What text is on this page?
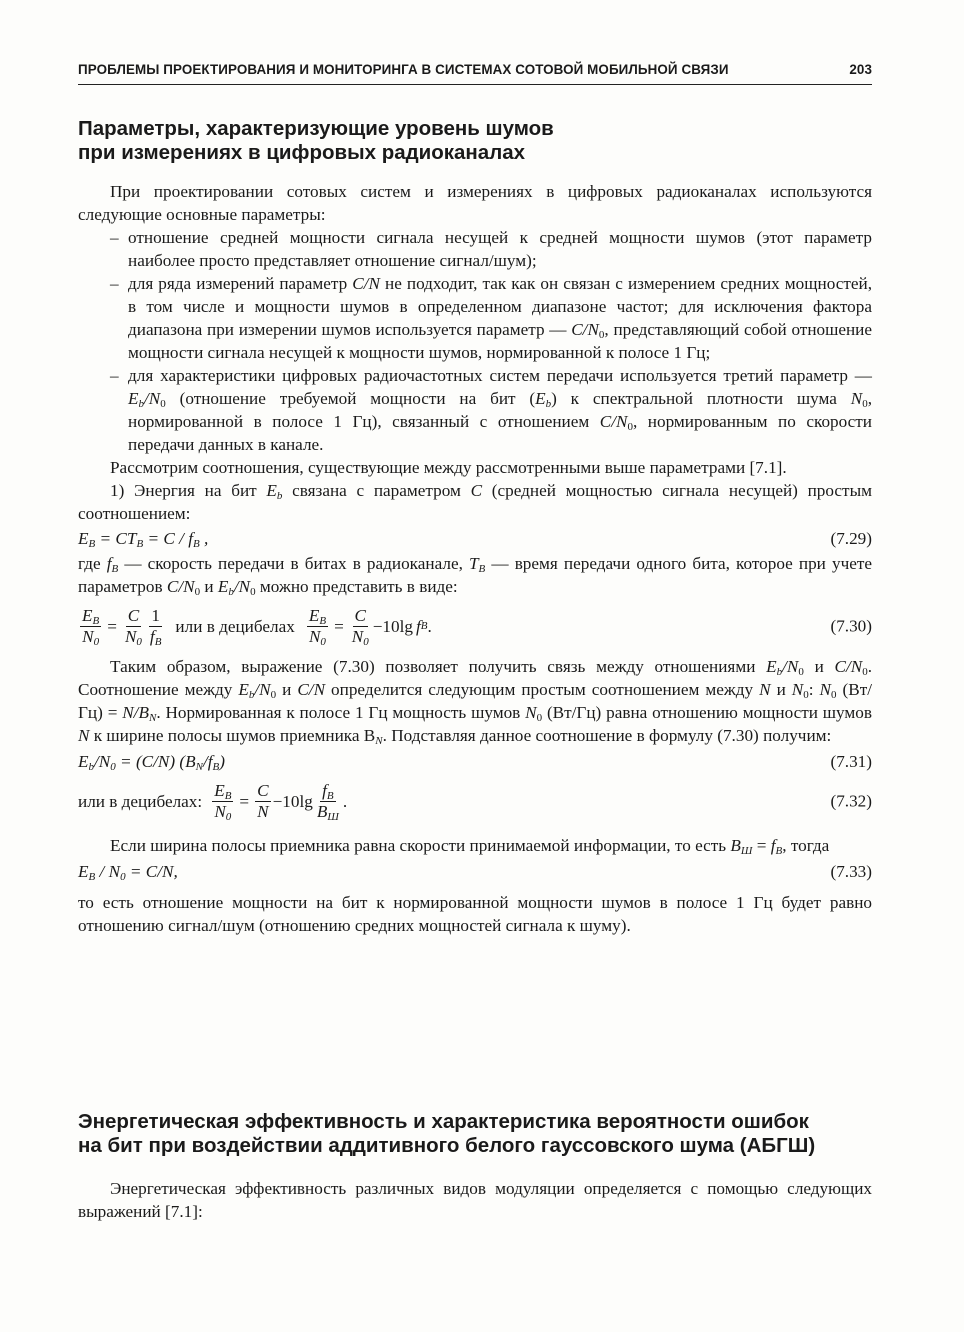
ПРОБЛЕМЫ ПРОЕКТИРОВАНИЯ И МОНИТОРИНГА В СИСТЕМАХ СОТОВОЙ МОБИЛЬНОЙ СВЯЗИ	203
Параметры, характеризующие уровень шумов
при измерениях в цифровых радиоканалах

При проектировании сотовых систем и измерениях в цифровых радиоканалах используются следующие основные параметры:

– отношение средней мощности сигнала несущей к средней мощности шумов (этот параметр наиболее просто представляет отношение сигнал/шум);
– для ряда измерений параметр C/N не подходит, так как он связан с измерением средних мощностей, в том числе и мощности шумов в определенном диапазоне частот; для исключения фактора диапазона при измерении шумов используется параметр — $C/N_0$, представляющий собой отношение мощности сигнала несущей к мощности шумов, нормированной к полосе 1 Гц;
– для характеристики цифровых радиочастотных систем передачи используется третий параметр — $E_b/N_0$ (отношение требуемой мощности на бит $(E_b)$ к спектральной плотности шума $N_0$, нормированной в полосе 1 Гц), связанный с отношением $C/N_0$, нормированным по скорости передачи данных в канале.

Рассмотрим соотношения, существующие между рассмотренными выше параметрами [7.1].

1) Энергия на бит $E_b$ связана с параметром C (средней мощностью сигнала несущей) простым соотношением:

$E_B = CT_B = C / f_B$ ,	(7.29)

где $f_B$ — скорость передачи в битах в радиоканале, $T_B$ — время передачи одного бита, которое при учете параметров $C/N_0$ и $E_b/N_0$ можно представить в виде:

$\frac{E_B}{N_0} = \frac{C}{N_0} \frac{1}{f_B}$ или в децибелах $\frac{E_B}{N_0} = \frac{C}{N_0} -10\lg$ f B .	(7.30)

Таким образом, выражение (7.30) позволяет получить связь между отношениями $E_b/N_0$ и $C/N_0$. Соотношение между $E_b/N_0$ и C/N определится следующим простым соотношением между N и $N_0$: $N_0$ $(Вт/Гц) = N/B_N$. Нормированная к полосе 1 Гц мощность шумов $N_0$ (Вт/Гц) равна отношению мощности шумов N к ширине полосы шумов приемника $B_N$. Подставляя данное соотношение в формулу (7.30) получим:

$E_b/N_0 = (C/N)$ $(B_N/f_B)$	(7.31)
или в децибелах: $\frac{E_B}{N_0} = \frac{C}{N} -10\lg \frac{f_B}{B_Ш}$ .	(7.32)

Если ширина полосы приемника равна скорости принимаемой информации, то есть $B_Ш = f_B$, тогда

$E_B / N_0 = C/N$,	(7.33)

то есть отношение мощности на бит к нормированной мощности шумов в полосе 1 Гц будет равно отношению сигнал/шум (отношению средних мощностей сигнала к шуму).

Энергетическая эффективность и характеристика вероятности ошибок
на бит при воздействии аддитивного белого гауссовского шума (АБГШ)

Энергетическая эффективность различных видов модуляции определяется с помощью следующих выражений [7.1]:
